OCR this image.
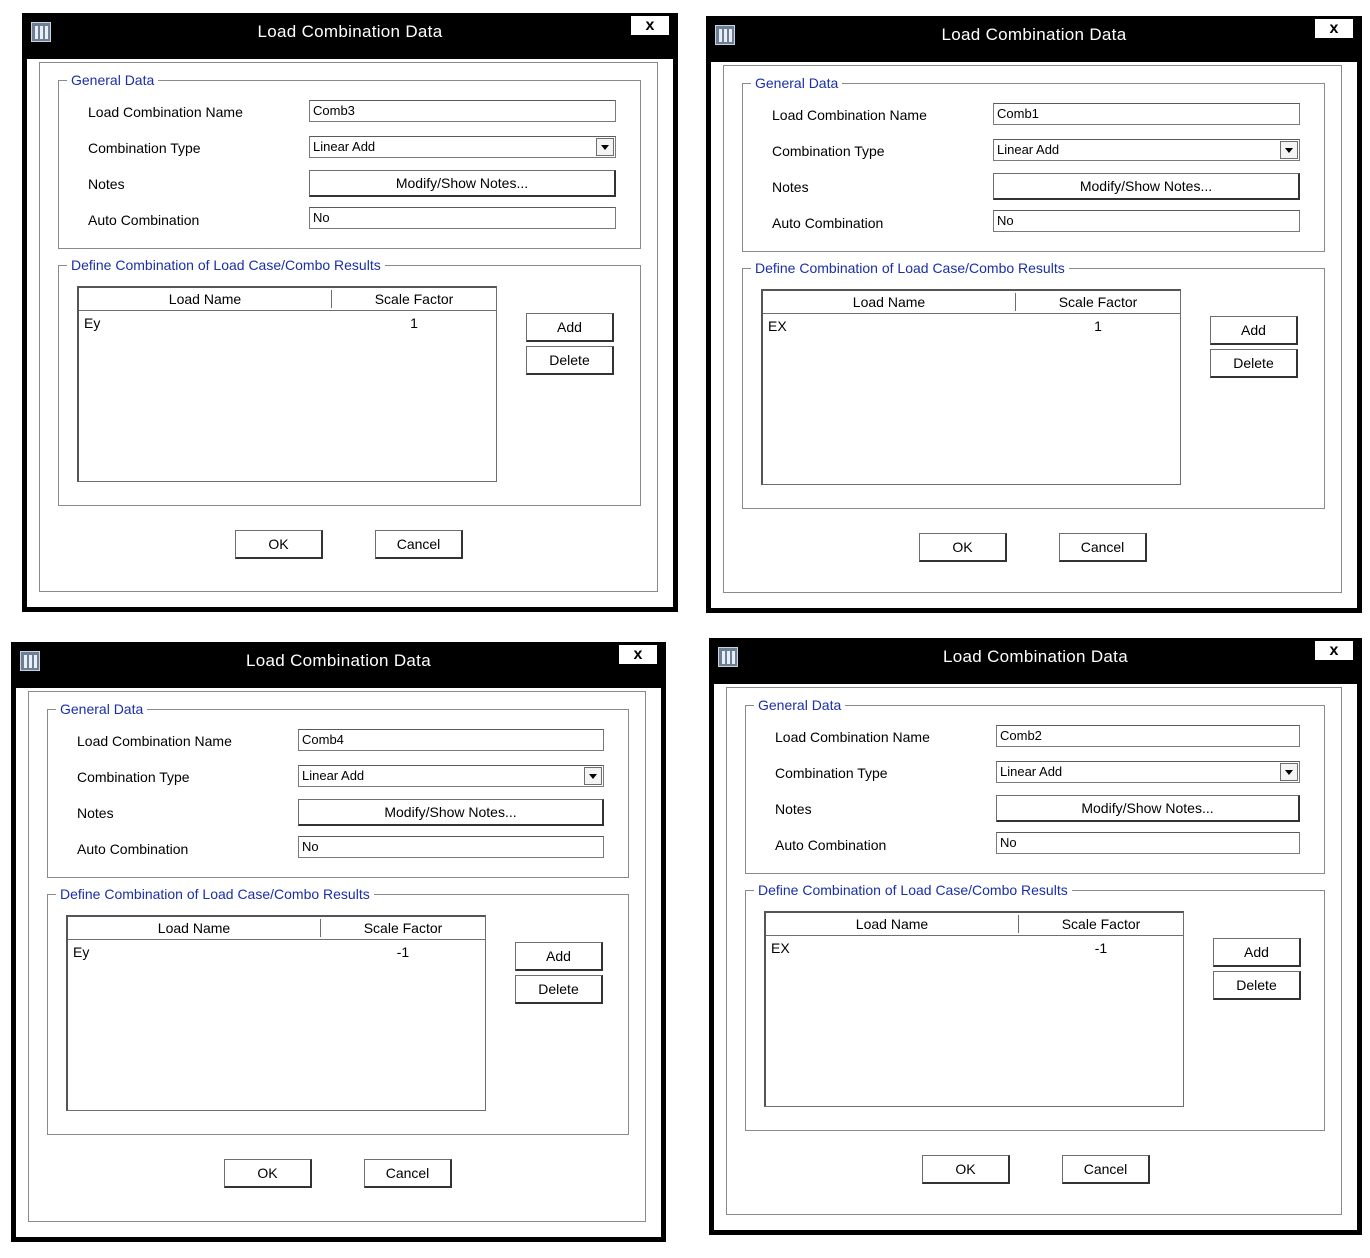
Load Combination Data	x
General Data
Load Combination Name	Comb3
Combination Type	Linear Add
Notes	Modify/Show Notes...
Auto Combination	No
Define Combination of Load Case/Combo Results
Load Name	Scale Factor
Ey	1	Add
Delete
OK	Cancel
Load Combination Data	x
General Data
Load Combination Name	Comb1
Combination Type	Linear Add
Notes	Modify/Show Notes...
Auto Combination	No
Define Combination of Load Case/Combo Results
Load Name	Scale Factor
EX	1	Add
Delete
OK	Cancel
Load Combination Data	x
General Data
Load Combination Name	Comb4
Combination Type	Linear Add
Notes	Modify/Show Notes...
Auto Combination	No
Define Combination of Load Case/Combo Results
Load Name	Scale Factor
Ey	-1	Add
Delete
OK	Cancel
Load Combination Data	x
General Data
Load Combination Name	Comb2
Combination Type	Linear Add
Notes	Modify/Show Notes...
Auto Combination	No
Define Combination of Load Case/Combo Results
Load Name	Scale Factor
EX	-1	Add
Delete
OK	Cancel
